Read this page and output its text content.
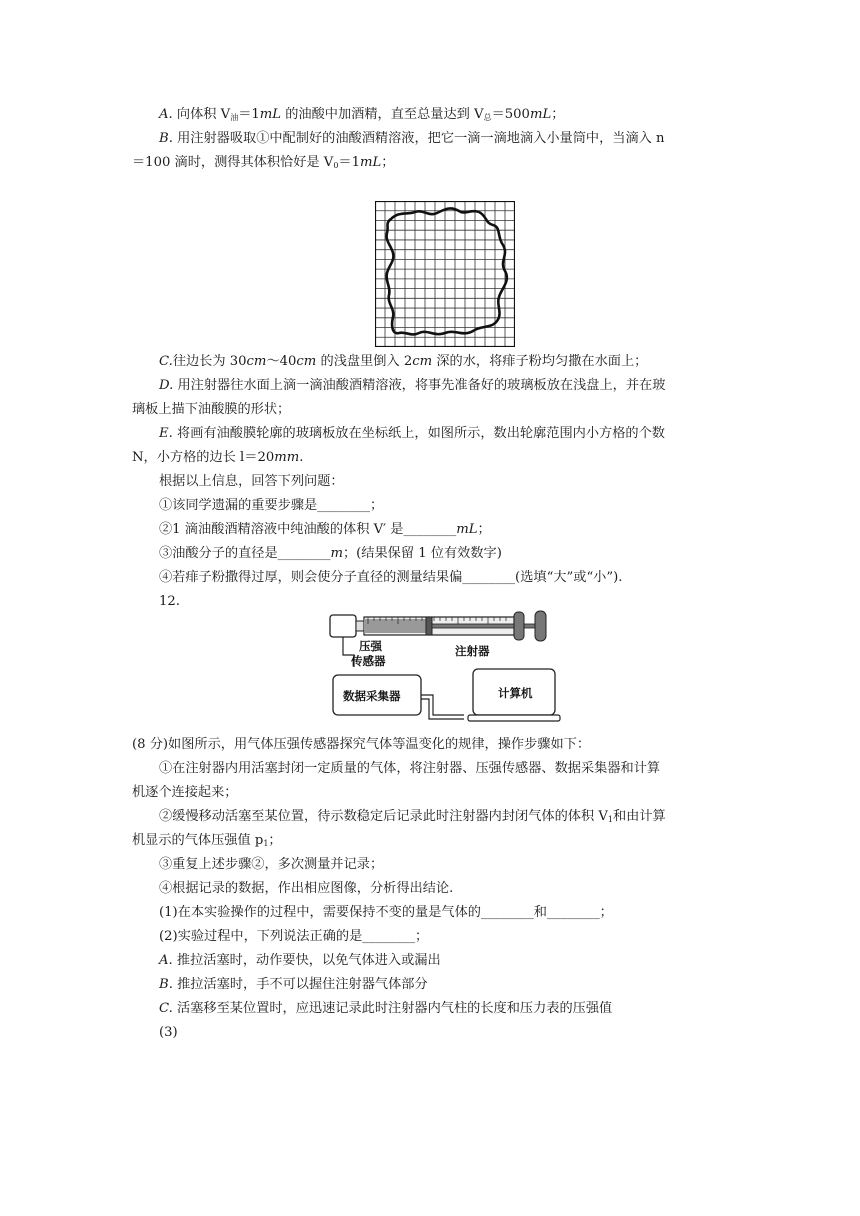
A. 向体积 $V_油=1mL$ 的油酸中加酒精，直至总量达到 $V_总=500mL$；
B. 用注射器吸取①中配制好的油酸酒精溶液，把它一滴一滴地滴入小量筒中，当滴入 n
＝100 滴时，测得其体积恰好是 $V_0=1mL$；
C.往边长为 30cm～40cm 的浅盘里倒入 2cm 深的水，将痱子粉均匀撒在水面上；
D. 用注射器往水面上滴一滴油酸酒精溶液，将事先准备好的玻璃板放在浅盘上，并在玻
璃板上描下油酸膜的形状；
E. 将画有油酸膜轮廓的玻璃板放在坐标纸上，如图所示，数出轮廓范围内小方格的个数
N，小方格的边长 l＝20mm.
根据以上信息，回答下列问题：
①该同学遗漏的重要步骤是________；
②1 滴油酸酒精溶液中纯油酸的体积 V′ 是________mL；
③油酸分子的直径是________m；(结果保留 1 位有效数字)
④若痱子粉撒得过厚，则会使分子直径的测量结果偏________(选填“大”或“小”).
12.
压强
传感器
注射器
数据采集器	计算机
(8 分)如图所示，用气体压强传感器探究气体等温变化的规律，操作步骤如下：
①在注射器内用活塞封闭一定质量的气体，将注射器、压强传感器、数据采集器和计算
机逐个连接起来；
②缓慢移动活塞至某位置，待示数稳定后记录此时注射器内封闭气体的体积 $V_1$和由计算
机显示的气体压强值 $p_1$；
③重复上述步骤②，多次测量并记录；
④根据记录的数据，作出相应图像，分析得出结论.
(1)在本实验操作的过程中，需要保持不变的量是气体的________和________；
(2)实验过程中，下列说法正确的是________；
A. 推拉活塞时，动作要快，以免气体进入或漏出
B. 推拉活塞时，手不可以握住注射器气体部分
C. 活塞移至某位置时，应迅速记录此时注射器内气柱的长度和压力表的压强值
(3)
